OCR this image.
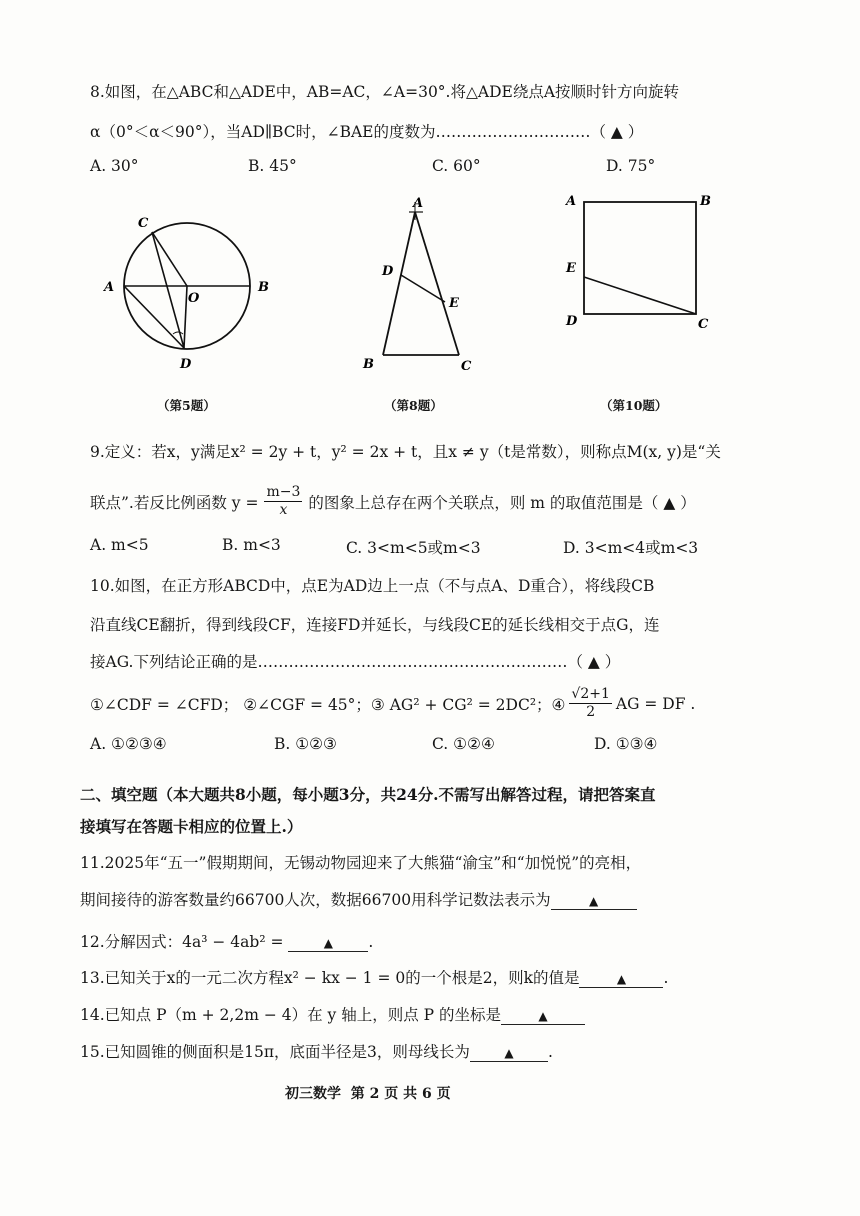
8.如图，在△ABC和△ADE中，AB=AC，∠A=30°.将△ADE绕点A按顺时针方向旋转
α（0°＜α＜90°），当AD∥BC时，∠BAE的度数为…………………………（ ▲ ）
A. 30°	B. 45°	C. 60°	D. 75°
C
A
O
B
D
（第5题）
A
D
E
B	C
（第8题）
A	B
E
D	C
（第10题）
9.定义：若x，y满足x² = 2y + t，y² = 2x + t，且x ≠ y（t是常数），则称点M(x, y)是“关
联点”.若反比例函数 $y = \frac{m-3}{x}$ 的图象上总存在两个关联点，则 m 的取值范围是（ ▲ ）
A. m<5	B. m<3	C. 3<m<5或m<3	D. 3<m<4或m<3
10.如图，在正方形ABCD中，点E为AD边上一点（不与点A、D重合），将线段CB
沿直线CE翻折，得到线段CF，连接FD并延长，与线段CE的延长线相交于点G，连
接AG.下列结论正确的是……………………………………………………（ ▲ ）
①∠CDF = ∠CFD； ②∠CGF = 45°；③ AG² + CG² = 2DC²；④ $\frac{√2+1}{2}$ AG = DF .
A. ①②③④	B. ①②③	C. ①②④	D. ①③④
二、填空题（本大题共8小题，每小题3分，共24分.不需写出解答过程，请把答案直
接填写在答题卡相应的位置上.）
11.2025年“五一”假期期间，无锡动物园迎来了大熊猫“渝宝”和“加悦悦”的亮相，
期间接待的游客数量约66700人次，数据66700用科学记数法表示为	▲
12.分解因式：4a³ − 4ab² =	▲ .
13.已知关于x的一元二次方程x² − kx − 1 = 0的一个根是2，则k的值是	▲ .
14.已知点 P（m + 2,2m − 4）在 y 轴上，则点 P 的坐标是	▲
15.已知圆锥的侧面积是15π，底面半径是3，则母线长为	▲ .
初三数学  第 2 页 共 6 页
